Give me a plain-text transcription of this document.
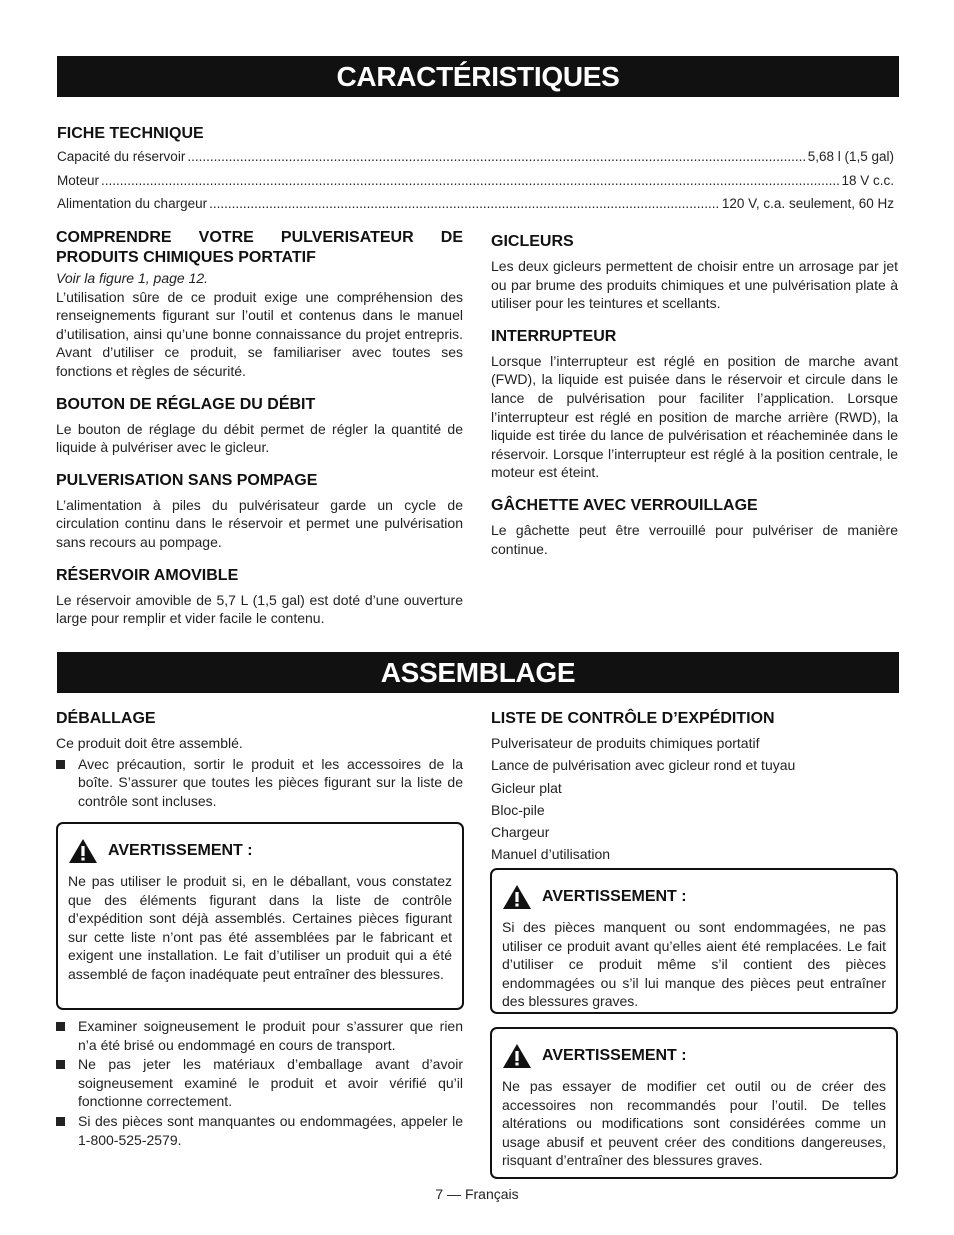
CARACTÉRISTIQUES
FICHE TECHNIQUE
Capacité du réservoir .....	5,68 l (1,5 gal)
Moteur .....	18 V c.c.
Alimentation du chargeur .....	120 V, c.a. seulement, 60 Hz
COMPRENDRE VOTRE PULVERISATEUR DE PRODUITS CHIMIQUES PORTATIF
Voir la figure 1, page 12.

L’utilisation sûre de ce produit exige une compréhension des renseignements figurant sur l’outil et contenus dans le manuel d’utilisation, ainsi qu’une bonne connaissance du projet entrepris. Avant d’utiliser ce produit, se familiariser avec toutes ses fonctions et règles de sécurité.

BOUTON DE RÉGLAGE DU DÉBIT

Le bouton de réglage du débit permet de régler la quantité de liquide à pulvériser avec le gicleur.

PULVERISATION SANS POMPAGE

L’alimentation à piles du pulvérisateur garde un cycle de circulation continu dans le réservoir et permet une pulvérisation sans recours au pompage.

RÉSERVOIR AMOVIBLE

Le réservoir amovible de 5,7 L (1,5 gal) est doté d’une ouverture large pour remplir et vider facile le contenu.

GICLEURS

Les deux gicleurs permettent de choisir entre un arrosage par jet ou par brume des produits chimiques et une pulvérisation plate à utiliser pour les teintures et scellants.

INTERRUPTEUR

Lorsque l’interrupteur est réglé en position de marche avant (FWD), la liquide est puisée dans le réservoir et circule dans le lance de pulvérisation pour faciliter l’application. Lorsque l’interrupteur est réglé en position de marche arrière (RWD), la liquide est tirée du lance de pulvérisation et réacheminée dans le réservoir. Lorsque l’interrupteur est réglé à la position centrale, le moteur est éteint.

GÂCHETTE AVEC VERROUILLAGE

Le gâchette peut être verrouillé pour pulvériser de manière continue.

ASSEMBLAGE
DÉBALLAGE

Ce produit doit être assemblé.

Avec précaution, sortir le produit et les accessoires de la boîte. S’assurer que toutes les pièces figurant sur la liste de contrôle sont incluses.
AVERTISSEMENT :

Ne pas utiliser le produit si, en le déballant, vous constatez que des éléments figurant dans la liste de contrôle d’expédition sont déjà assemblés. Certaines pièces figurant sur cette liste n’ont pas été assemblées par le fabricant et exigent une installation. Le fait d’utiliser un produit qui a été assemblé de façon inadéquate peut entraîner des blessures.

Examiner soigneusement le produit pour s’assurer que rien n’a été brisé ou endommagé en cours de transport.
Ne pas jeter les matériaux d’emballage avant d’avoir soigneusement examiné le produit et avoir vérifié qu’il fonctionne correctement.
Si des pièces sont manquantes ou endommagées, appeler le 1-800-525-2579.
LISTE DE CONTRÔLE D’EXPÉDITION
Pulverisateur de produits chimiques portatif
Lance de pulvérisation avec gicleur rond et tuyau
Gicleur plat
Bloc-pile
Chargeur
Manuel d’utilisation
AVERTISSEMENT :

Si des pièces manquent ou sont endommagées, ne pas utiliser ce produit avant qu’elles aient été remplacées. Le fait d’utiliser ce produit même s’il contient des pièces endommagées ou s’il lui manque des pièces peut entraîner des blessures graves.

AVERTISSEMENT :

Ne pas essayer de modifier cet outil ou de créer des accessoires non recommandés pour l’outil. De telles altérations ou modifications sont considérées comme un usage abusif et peuvent créer des conditions dangereuses, risquant d’entraîner des blessures graves.

7 — Français
